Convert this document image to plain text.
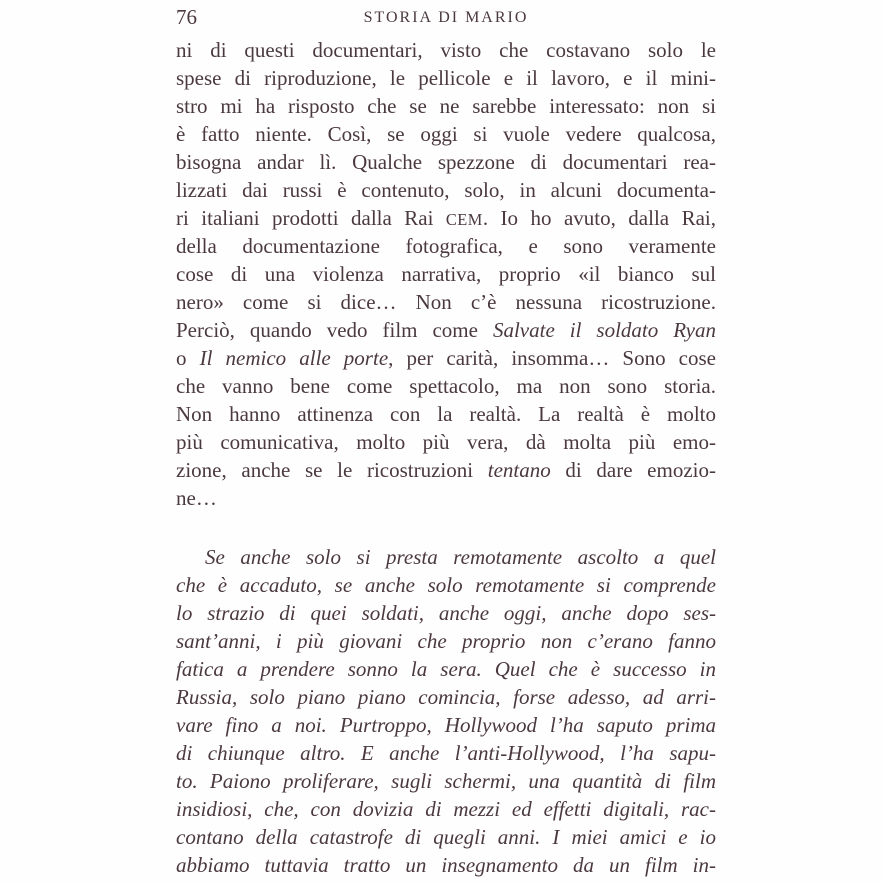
76	STORIA DI MARIO
ni di questi documentari, visto che costavano solo le
spese di riproduzione, le pellicole e il lavoro, e il mini-
stro mi ha risposto che se ne sarebbe interessato: non si
è fatto niente. Così, se oggi si vuole vedere qualcosa,
bisogna andar lì. Qualche spezzone di documentari rea-
lizzati dai russi è contenuto, solo, in alcuni documenta-
ri italiani prodotti dalla Rai CEM. Io ho avuto, dalla Rai,
della documentazione fotografica, e sono veramente
cose di una violenza narrativa, proprio «il bianco sul
nero» come si dice… Non c’è nessuna ricostruzione.
Perciò, quando vedo film come Salvate il soldato Ryan
o Il nemico alle porte, per carità, insomma… Sono cose
che vanno bene come spettacolo, ma non sono storia.
Non hanno attinenza con la realtà. La realtà è molto
più comunicativa, molto più vera, dà molta più emo-
zione, anche se le ricostruzioni tentano di dare emozio-
ne…
Se anche solo si presta remotamente ascolto a quel
che è accaduto, se anche solo remotamente si comprende
lo strazio di quei soldati, anche oggi, anche dopo ses-
sant’anni, i più giovani che proprio non c’erano fanno
fatica a prendere sonno la sera. Quel che è successo in
Russia, solo piano piano comincia, forse adesso, ad arri-
vare fino a noi. Purtroppo, Hollywood l’ha saputo prima
di chiunque altro. E anche l’anti-Hollywood, l’ha sapu-
to. Paiono proliferare, sugli schermi, una quantità di film
insidiosi, che, con dovizia di mezzi ed effetti digitali, rac-
contano della catastrofe di quegli anni. I miei amici e io
abbiamo tuttavia tratto un insegnamento da un film in-
